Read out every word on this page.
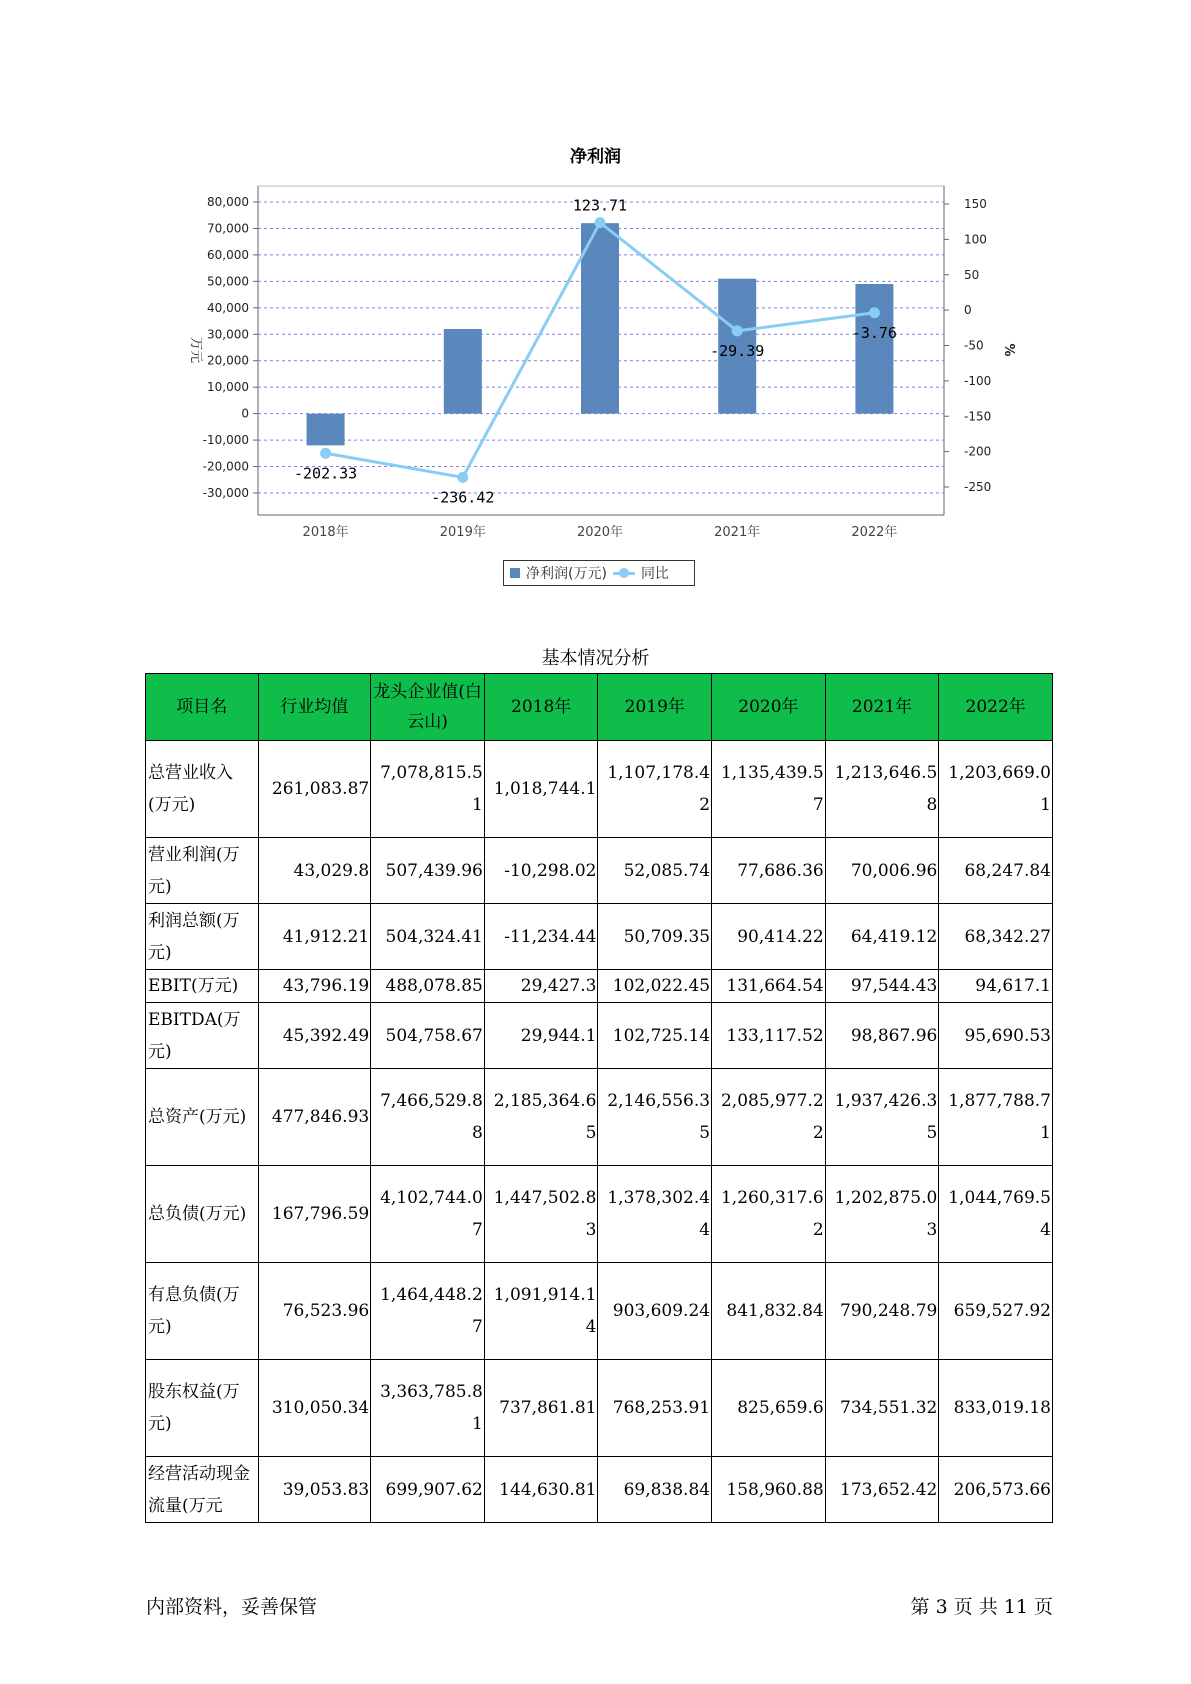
净利润
80,000
70,000
60,000
50,000
40,000
30,000
20,000
10,000
0
-10,000
-20,000
-30,000
150
100
50
0
-50
-100
-150
-200
-250
万元	%
2018年	2019年	2020年	2021年	2022年
-202.33
-236.42
123.71
-29.39
-3.76
净利润(万元) 同比
基本情况分析
项目名	行业均值	龙头企业值(白云山)	2018年	2019年	2020年	2021年	2022年
总营业收入(万元)	261,083.87	7,078,815.51	1,018,744.1	1,107,178.42	1,135,439.57	1,213,646.58	1,203,669.01
营业利润(万元)	43,029.8	507,439.96	-10,298.02	52,085.74	77,686.36	70,006.96	68,247.84
利润总额(万元)	41,912.21	504,324.41	-11,234.44	50,709.35	90,414.22	64,419.12	68,342.27
EBIT(万元)	43,796.19	488,078.85	29,427.3	102,022.45	131,664.54	97,544.43	94,617.1
EBITDA(万元)	45,392.49	504,758.67	29,944.1	102,725.14	133,117.52	98,867.96	95,690.53
总资产(万元)	477,846.93	7,466,529.88	2,185,364.65	2,146,556.35	2,085,977.22	1,937,426.35	1,877,788.71
总负债(万元)	167,796.59	4,102,744.07	1,447,502.83	1,378,302.44	1,260,317.62	1,202,875.03	1,044,769.54
有息负债(万元)	76,523.96	1,464,448.27	1,091,914.14	903,609.24	841,832.84	790,248.79	659,527.92
股东权益(万元)	310,050.34	3,363,785.81	737,861.81	768,253.91	825,659.6	734,551.32	833,019.18
经营活动现金流量(万元	39,053.83	699,907.62	144,630.81	69,838.84	158,960.88	173,652.42	206,573.66
内部资料，妥善保管	第 3 页 共 11 页
